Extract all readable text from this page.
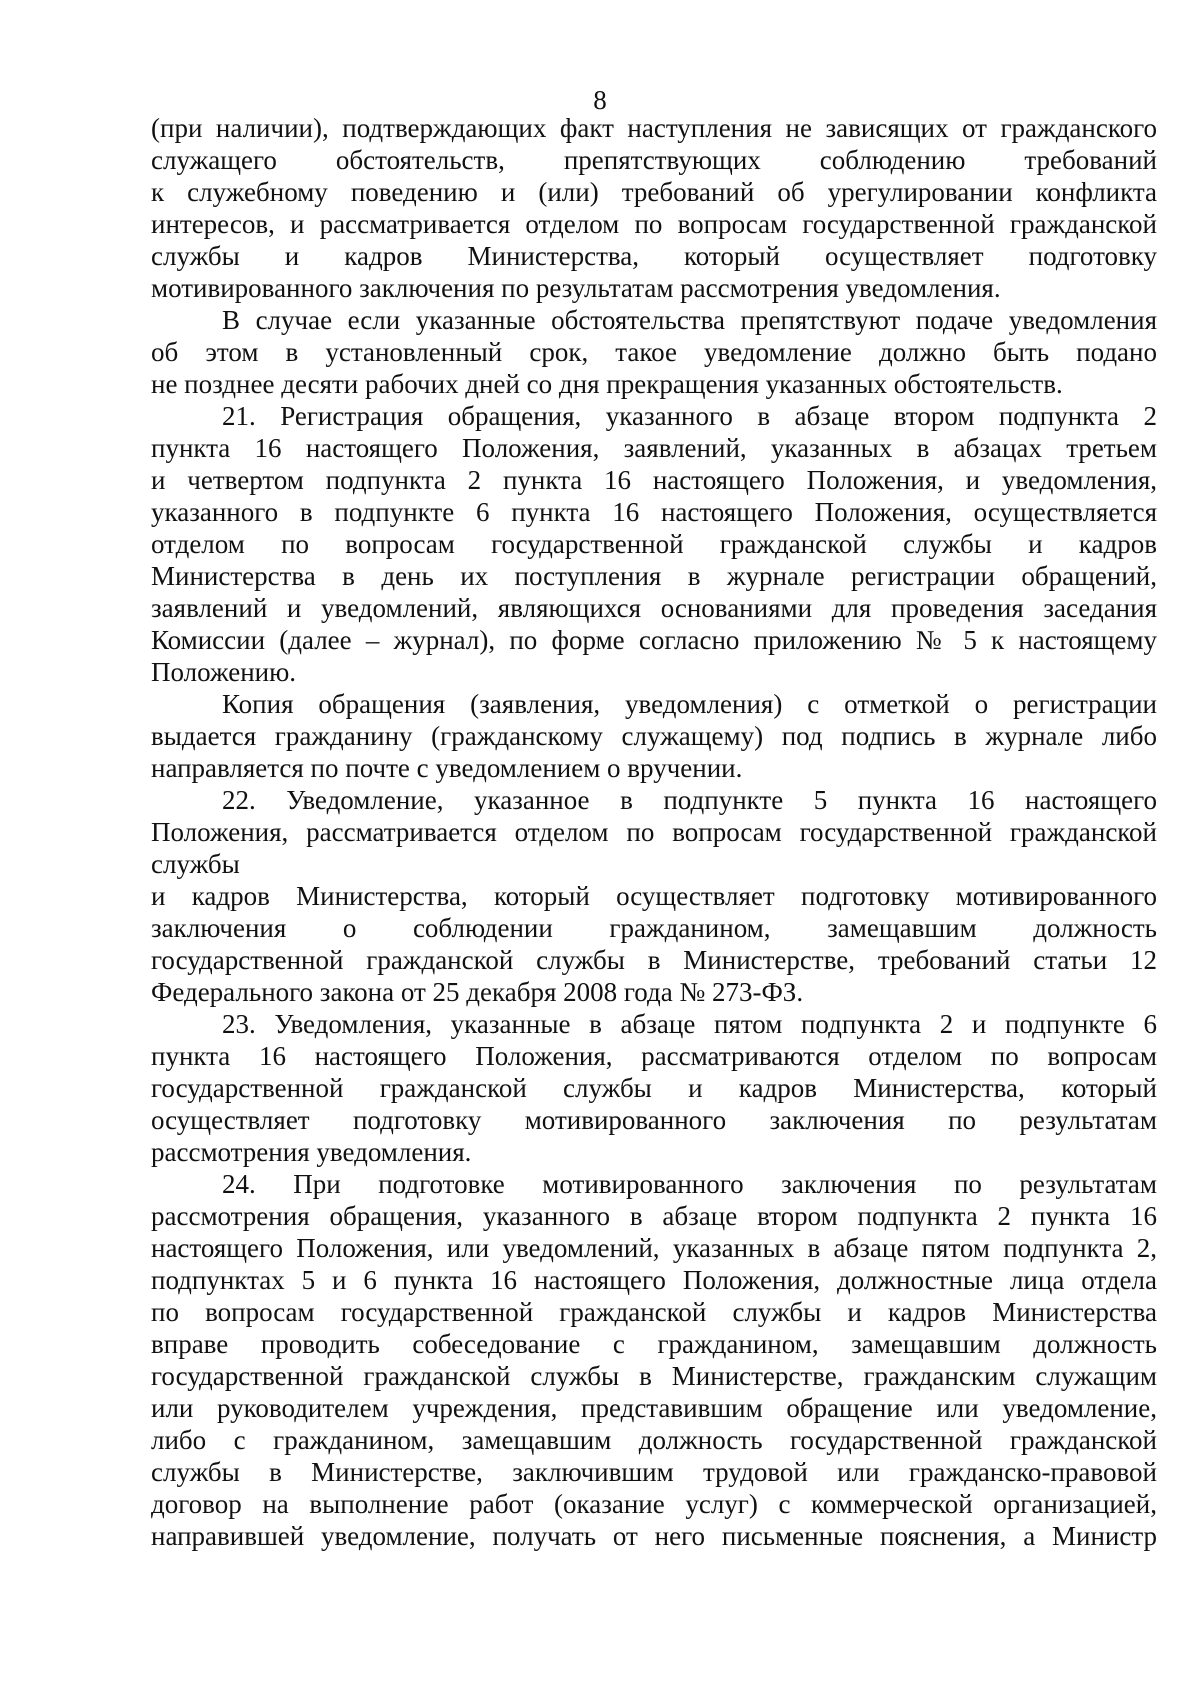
8
(при наличии), подтверждающих факт наступления не зависящих от гражданского
служащего обстоятельств, препятствующих соблюдению требований
к служебному поведению и (или) требований об урегулировании конфликта
интересов, и рассматривается отделом по вопросам государственной гражданской
службы и кадров Министерства, который осуществляет подготовку
мотивированного заключения по результатам рассмотрения уведомления.
В случае если указанные обстоятельства препятствуют подаче уведомления
об этом в установленный срок, такое уведомление должно быть подано
не позднее десяти рабочих дней со дня прекращения указанных обстоятельств.
21. Регистрация обращения, указанного в абзаце втором подпункта 2
пункта 16 настоящего Положения, заявлений, указанных в абзацах третьем
и четвертом подпункта 2 пункта 16 настоящего Положения, и уведомления,
указанного в подпункте 6 пункта 16 настоящего Положения, осуществляется
отделом по вопросам государственной гражданской службы и кадров
Министерства в день их поступления в журнале регистрации обращений,
заявлений и уведомлений, являющихся основаниями для проведения заседания
Комиссии (далее – журнал), по форме согласно приложению № 5 к настоящему
Положению.
Копия обращения (заявления, уведомления) с отметкой о регистрации
выдается гражданину (гражданскому служащему) под подпись в журнале либо
направляется по почте с уведомлением о вручении.
22. Уведомление, указанное в подпункте 5 пункта 16 настоящего
Положения, рассматривается отделом по вопросам государственной гражданской
службы
и кадров Министерства, который осуществляет подготовку мотивированного
заключения о соблюдении гражданином, замещавшим должность
государственной гражданской службы в Министерстве, требований статьи 12
Федерального закона от 25 декабря 2008 года № 273-ФЗ.
23. Уведомления, указанные в абзаце пятом подпункта 2 и подпункте 6
пункта 16 настоящего Положения, рассматриваются отделом по вопросам
государственной гражданской службы и кадров Министерства, который
осуществляет подготовку мотивированного заключения по результатам
рассмотрения уведомления.
24. При подготовке мотивированного заключения по результатам
рассмотрения обращения, указанного в абзаце втором подпункта 2 пункта 16
настоящего Положения, или уведомлений, указанных в абзаце пятом подпункта 2,
подпунктах 5 и 6 пункта 16 настоящего Положения, должностные лица отдела
по вопросам государственной гражданской службы и кадров Министерства
вправе проводить собеседование с гражданином, замещавшим должность
государственной гражданской службы в Министерстве, гражданским служащим
или руководителем учреждения, представившим обращение или уведомление,
либо с гражданином, замещавшим должность государственной гражданской
службы в Министерстве, заключившим трудовой или гражданско-правовой
договор на выполнение работ (оказание услуг) с коммерческой организацией,
направившей уведомление, получать от него письменные пояснения, а Министр
